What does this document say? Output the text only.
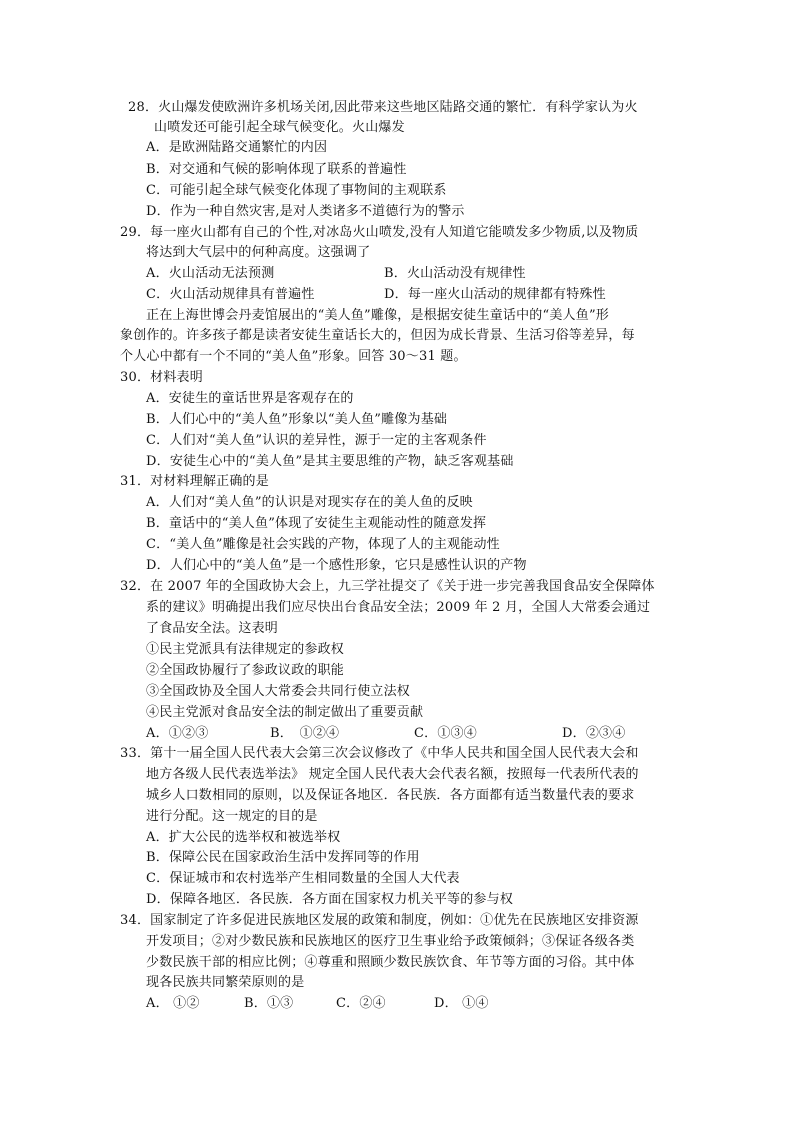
28．火山爆发使欧洲许多机场关闭,因此带来这些地区陆路交通的繁忙．有科学家认为火
山喷发还可能引起全球气候变化。火山爆发
A．是欧洲陆路交通繁忙的内因
B．对交通和气候的影响体现了联系的普遍性
C．可能引起全球气候变化体现了事物间的主观联系
D．作为一种自然灾害,是对人类诸多不道德行为的警示
29．每一座火山都有自己的个性,对冰岛火山喷发,没有人知道它能喷发多少物质,以及物质
将达到大气层中的何种高度。这强调了
A．火山活动无法预测	B．火山活动没有规律性
C．火山活动规律具有普遍性	D．每一座火山活动的规律都有特殊性
正在上海世博会丹麦馆展出的“美人鱼”雕像，是根据安徒生童话中的“美人鱼”形
象创作的。许多孩子都是读者安徒生童话长大的，但因为成长背景、生活习俗等差异，每
个人心中都有一个不同的“美人鱼”形象。回答 30～31 题。
30．材料表明
A．安徒生的童话世界是客观存在的
B．人们心中的“美人鱼”形象以“美人鱼”雕像为基础
C．人们对“美人鱼”认识的差异性，源于一定的主客观条件
D．安徒生心中的“美人鱼”是其主要思维的产物，缺乏客观基础
31．对材料理解正确的是
A．人们对“美人鱼”的认识是对现实存在的美人鱼的反映
B．童话中的“美人鱼”体现了安徒生主观能动性的随意发挥
C．“美人鱼”雕像是社会实践的产物，体现了人的主观能动性
D．人们心中的“美人鱼”是一个感性形象，它只是感性认识的产物
32．在 2007 年的全国政协大会上，九三学社提交了《关于进一步完善我国食品安全保障体
系的建议》明确提出我们应尽快出台食品安全法；2009 年 2 月，全国人大常委会通过
了食品安全法。这表明
①民主党派具有法律规定的参政权
②全国政协履行了参政议政的职能
③全国政协及全国人大常委会共同行使立法权
④民主党派对食品安全法的制定做出了重要贡献
A．①②③	B．　①②④	C．①③④	D．②③④
33．第十一届全国人民代表大会第三次会议修改了《中华人民共和国全国人民代表大会和
地方各级人民代表选举法》 规定全国人民代表大会代表名额，按照每一代表所代表的
城乡人口数相同的原则，以及保证各地区．各民族．各方面都有适当数量代表的要求
进行分配。这一规定的目的是
A．扩大公民的选举权和被选举权
B．保障公民在国家政治生活中发挥同等的作用
C．保证城市和农村选举产生相同数量的全国人大代表
D．保障各地区．各民族．各方面在国家权力机关平等的参与权
34．国家制定了许多促进民族地区发展的政策和制度，例如：①优先在民族地区安排资源
开发项目；②对少数民族和民族地区的医疗卫生事业给予政策倾斜；③保证各级各类
少数民族干部的相应比例；④尊重和照顾少数民族饮食、年节等方面的习俗。其中体
现各民族共同繁荣原则的是
A． ①②	B．①③	C．②④	D． ①④
